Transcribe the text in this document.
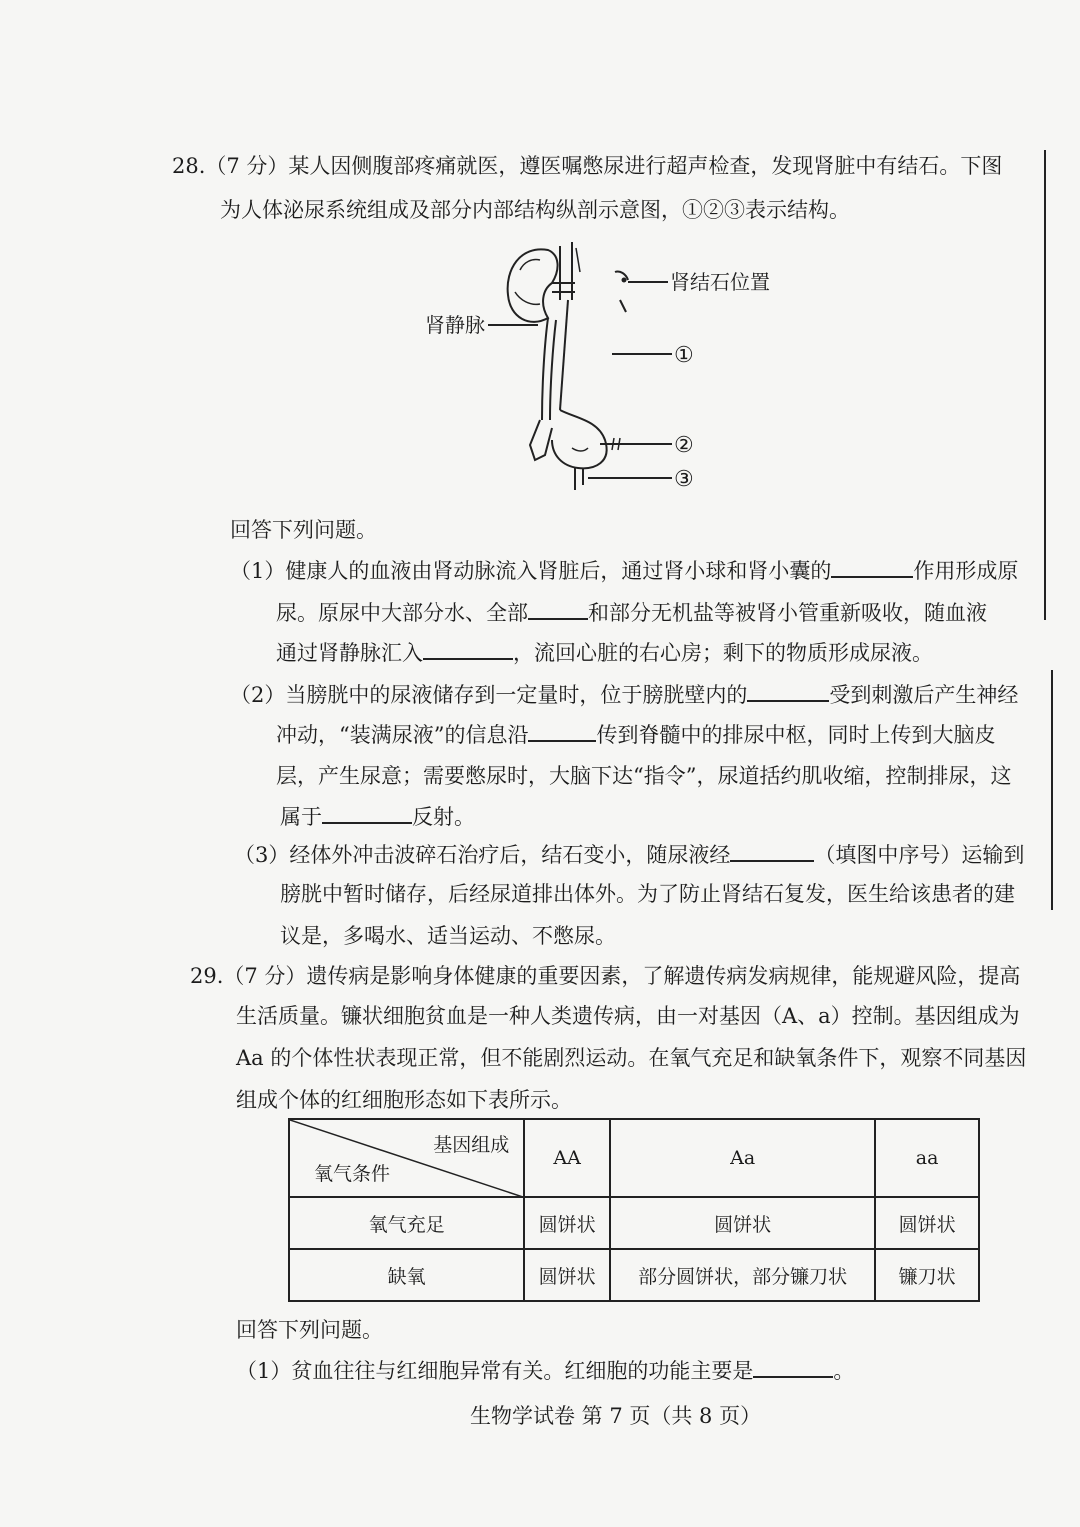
28.（7 分）某人因侧腹部疼痛就医，遵医嘱憋尿进行超声检查，发现肾脏中有结石。下图
为人体泌尿系统组成及部分内部结构纵剖示意图，①②③表示结构。
肾结石位置
肾静脉
①
②
③
回答下列问题。
（1）健康人的血液由肾动脉流入肾脏后，通过肾小球和肾小囊的	作用形成原
尿。原尿中大部分水、全部	和部分无机盐等被肾小管重新吸收，随血液
通过肾静脉汇入	，流回心脏的右心房；剩下的物质形成尿液。
（2）当膀胱中的尿液储存到一定量时，位于膀胱壁内的	受到刺激后产生神经
冲动，“装满尿液”的信息沿	传到脊髓中的排尿中枢，同时上传到大脑皮
层，产生尿意；需要憋尿时，大脑下达“指令”，尿道括约肌收缩，控制排尿，这
属于	反射。
（3）经体外冲击波碎石治疗后，结石变小，随尿液经	（填图中序号）运输到
膀胱中暂时储存，后经尿道排出体外。为了防止肾结石复发，医生给该患者的建
议是，多喝水、适当运动、不憋尿。
29.（7 分）遗传病是影响身体健康的重要因素，了解遗传病发病规律，能规避风险，提高
生活质量。镰状细胞贫血是一种人类遗传病，由一对基因（A、a）控制。基因组成为
Aa 的个体性状表现正常，但不能剧烈运动。在氧气充足和缺氧条件下，观察不同基因
组成个体的红细胞形态如下表所示。
基因组成
氧气条件	AA	Aa	aa
氧气充足	圆饼状	圆饼状	圆饼状
缺氧	圆饼状	部分圆饼状，部分镰刀状	镰刀状
回答下列问题。
（1）贫血往往与红细胞异常有关。红细胞的功能主要是	。
生物学试卷 第 7 页（共 8 页）
